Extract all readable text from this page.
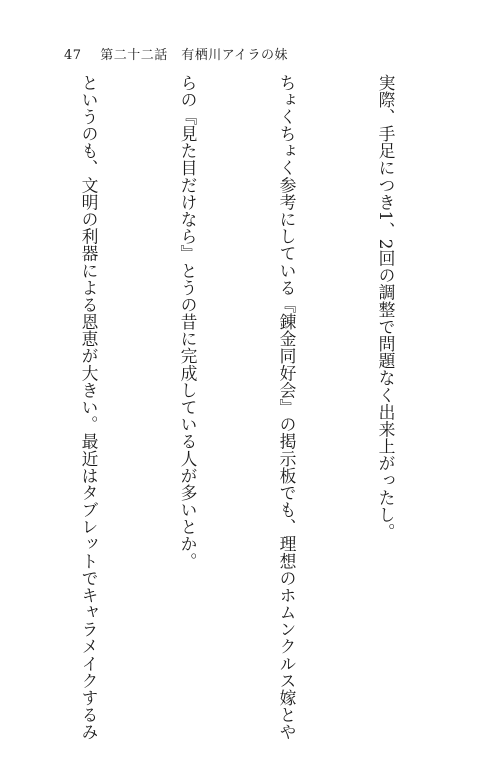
47 第二十二話　有栖川アイラの妹

実際、手足につき1、2回の調整で問題なく出来上がったし。

ちょくちょく参考にしている『錬金同好会』の掲示板でも、理想のホムンクルス嫁とや

らの『見た目だけなら』とうの昔に完成している人が多いとか。

というのも、文明の利器による恩恵が大きい。最近はタブレットでキャラメイクするみ
